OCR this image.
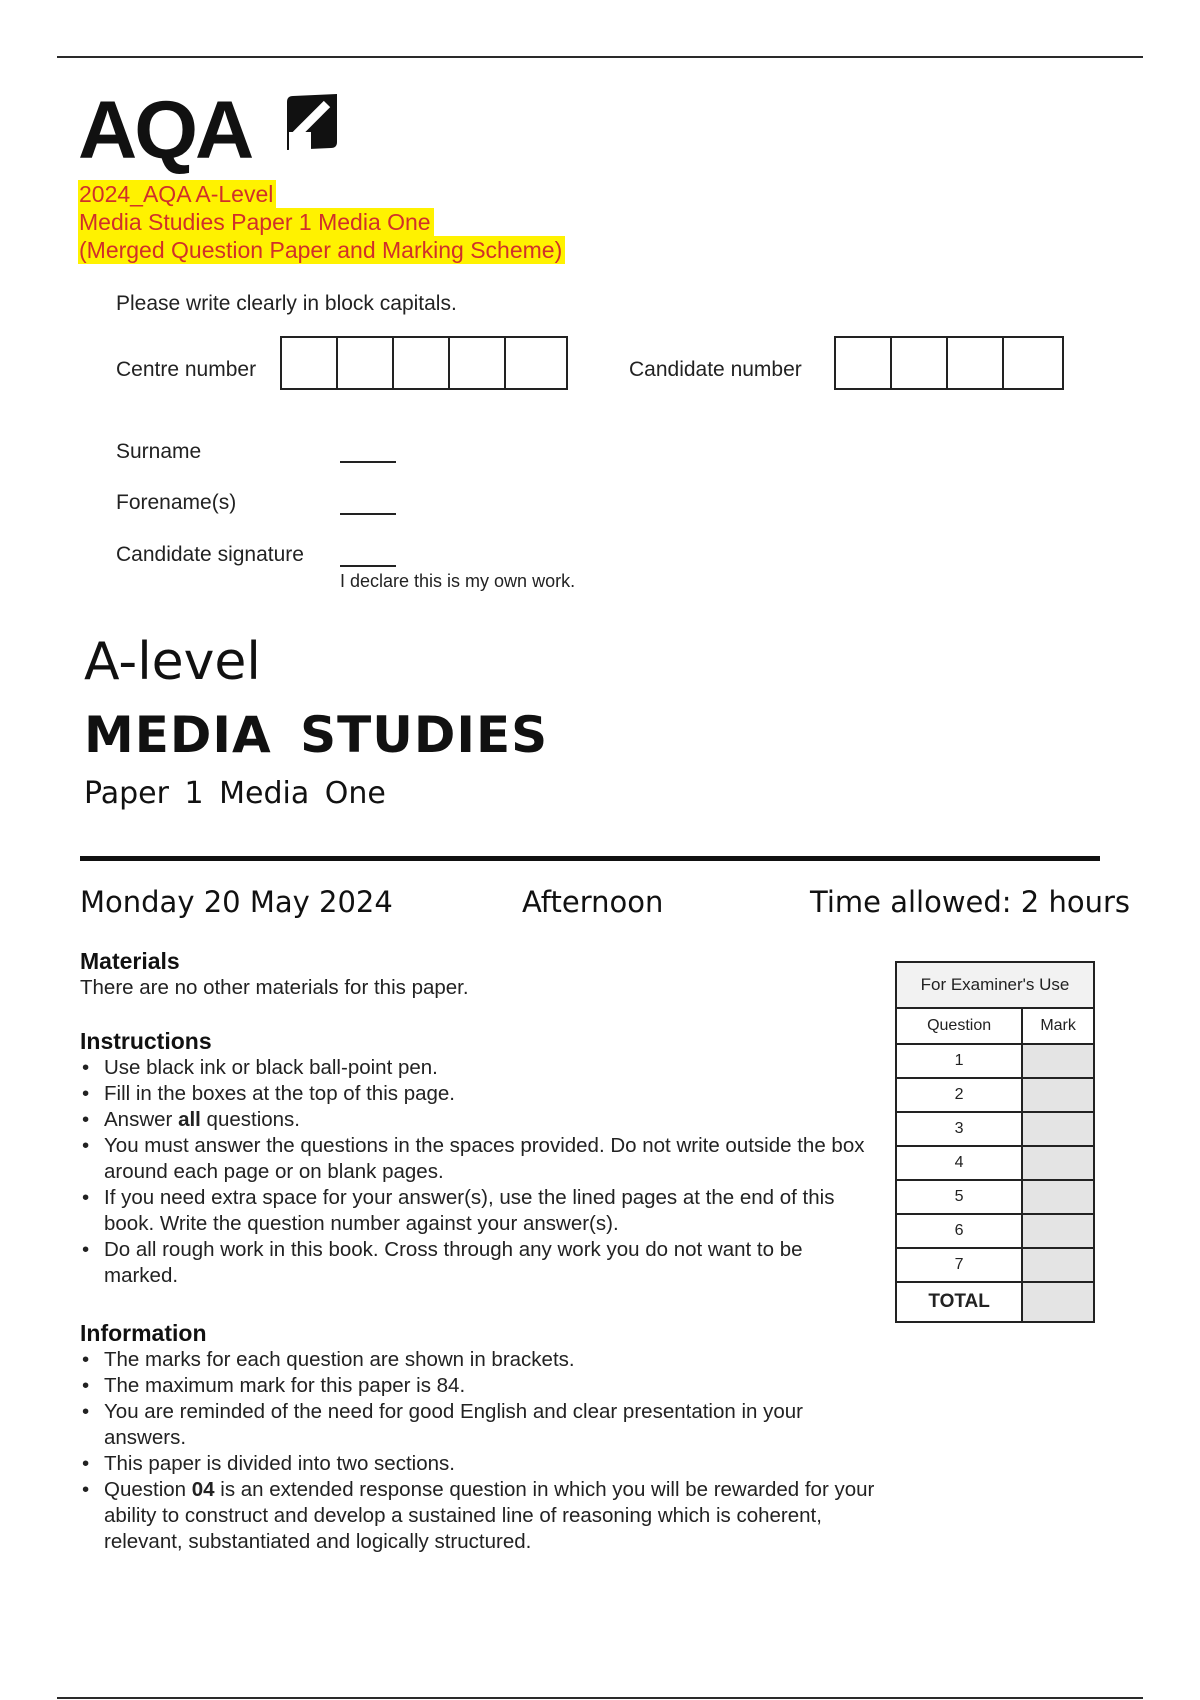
AQA
2024_AQA A-Level
Media Studies Paper 1 Media One
(Merged Question Paper and Marking Scheme)
Please write clearly in block capitals.
Centre number	Candidate number
Surname
Forename(s)
Candidate signature
I declare this is my own work.
A-level
MEDIA STUDIES
Paper 1 Media One
Monday 20 May 2024	Afternoon	Time allowed: 2 hours
Materials
There are no other materials for this paper.
Instructions
• Use black ink or black ball-point pen.
• Fill in the boxes at the top of this page.
• Answer all questions.
• You must answer the questions in the spaces provided. Do not write outside the box around each page or on blank pages.
• If you need extra space for your answer(s), use the lined pages at the end of this book. Write the question number against your answer(s).
• Do all rough work in this book. Cross through any work you do not want to be marked.
Information
• The marks for each question are shown in brackets.
• The maximum mark for this paper is 84.
• You are reminded of the need for good English and clear presentation in your answers.
• This paper is divided into two sections.
• Question 04 is an extended response question in which you will be rewarded for your ability to construct and develop a sustained line of reasoning which is coherent, relevant, substantiated and logically structured.
For Examiner's Use	
Question	Mark
1	
2	
3	
4	
5	
6	
7	
TOTAL	
